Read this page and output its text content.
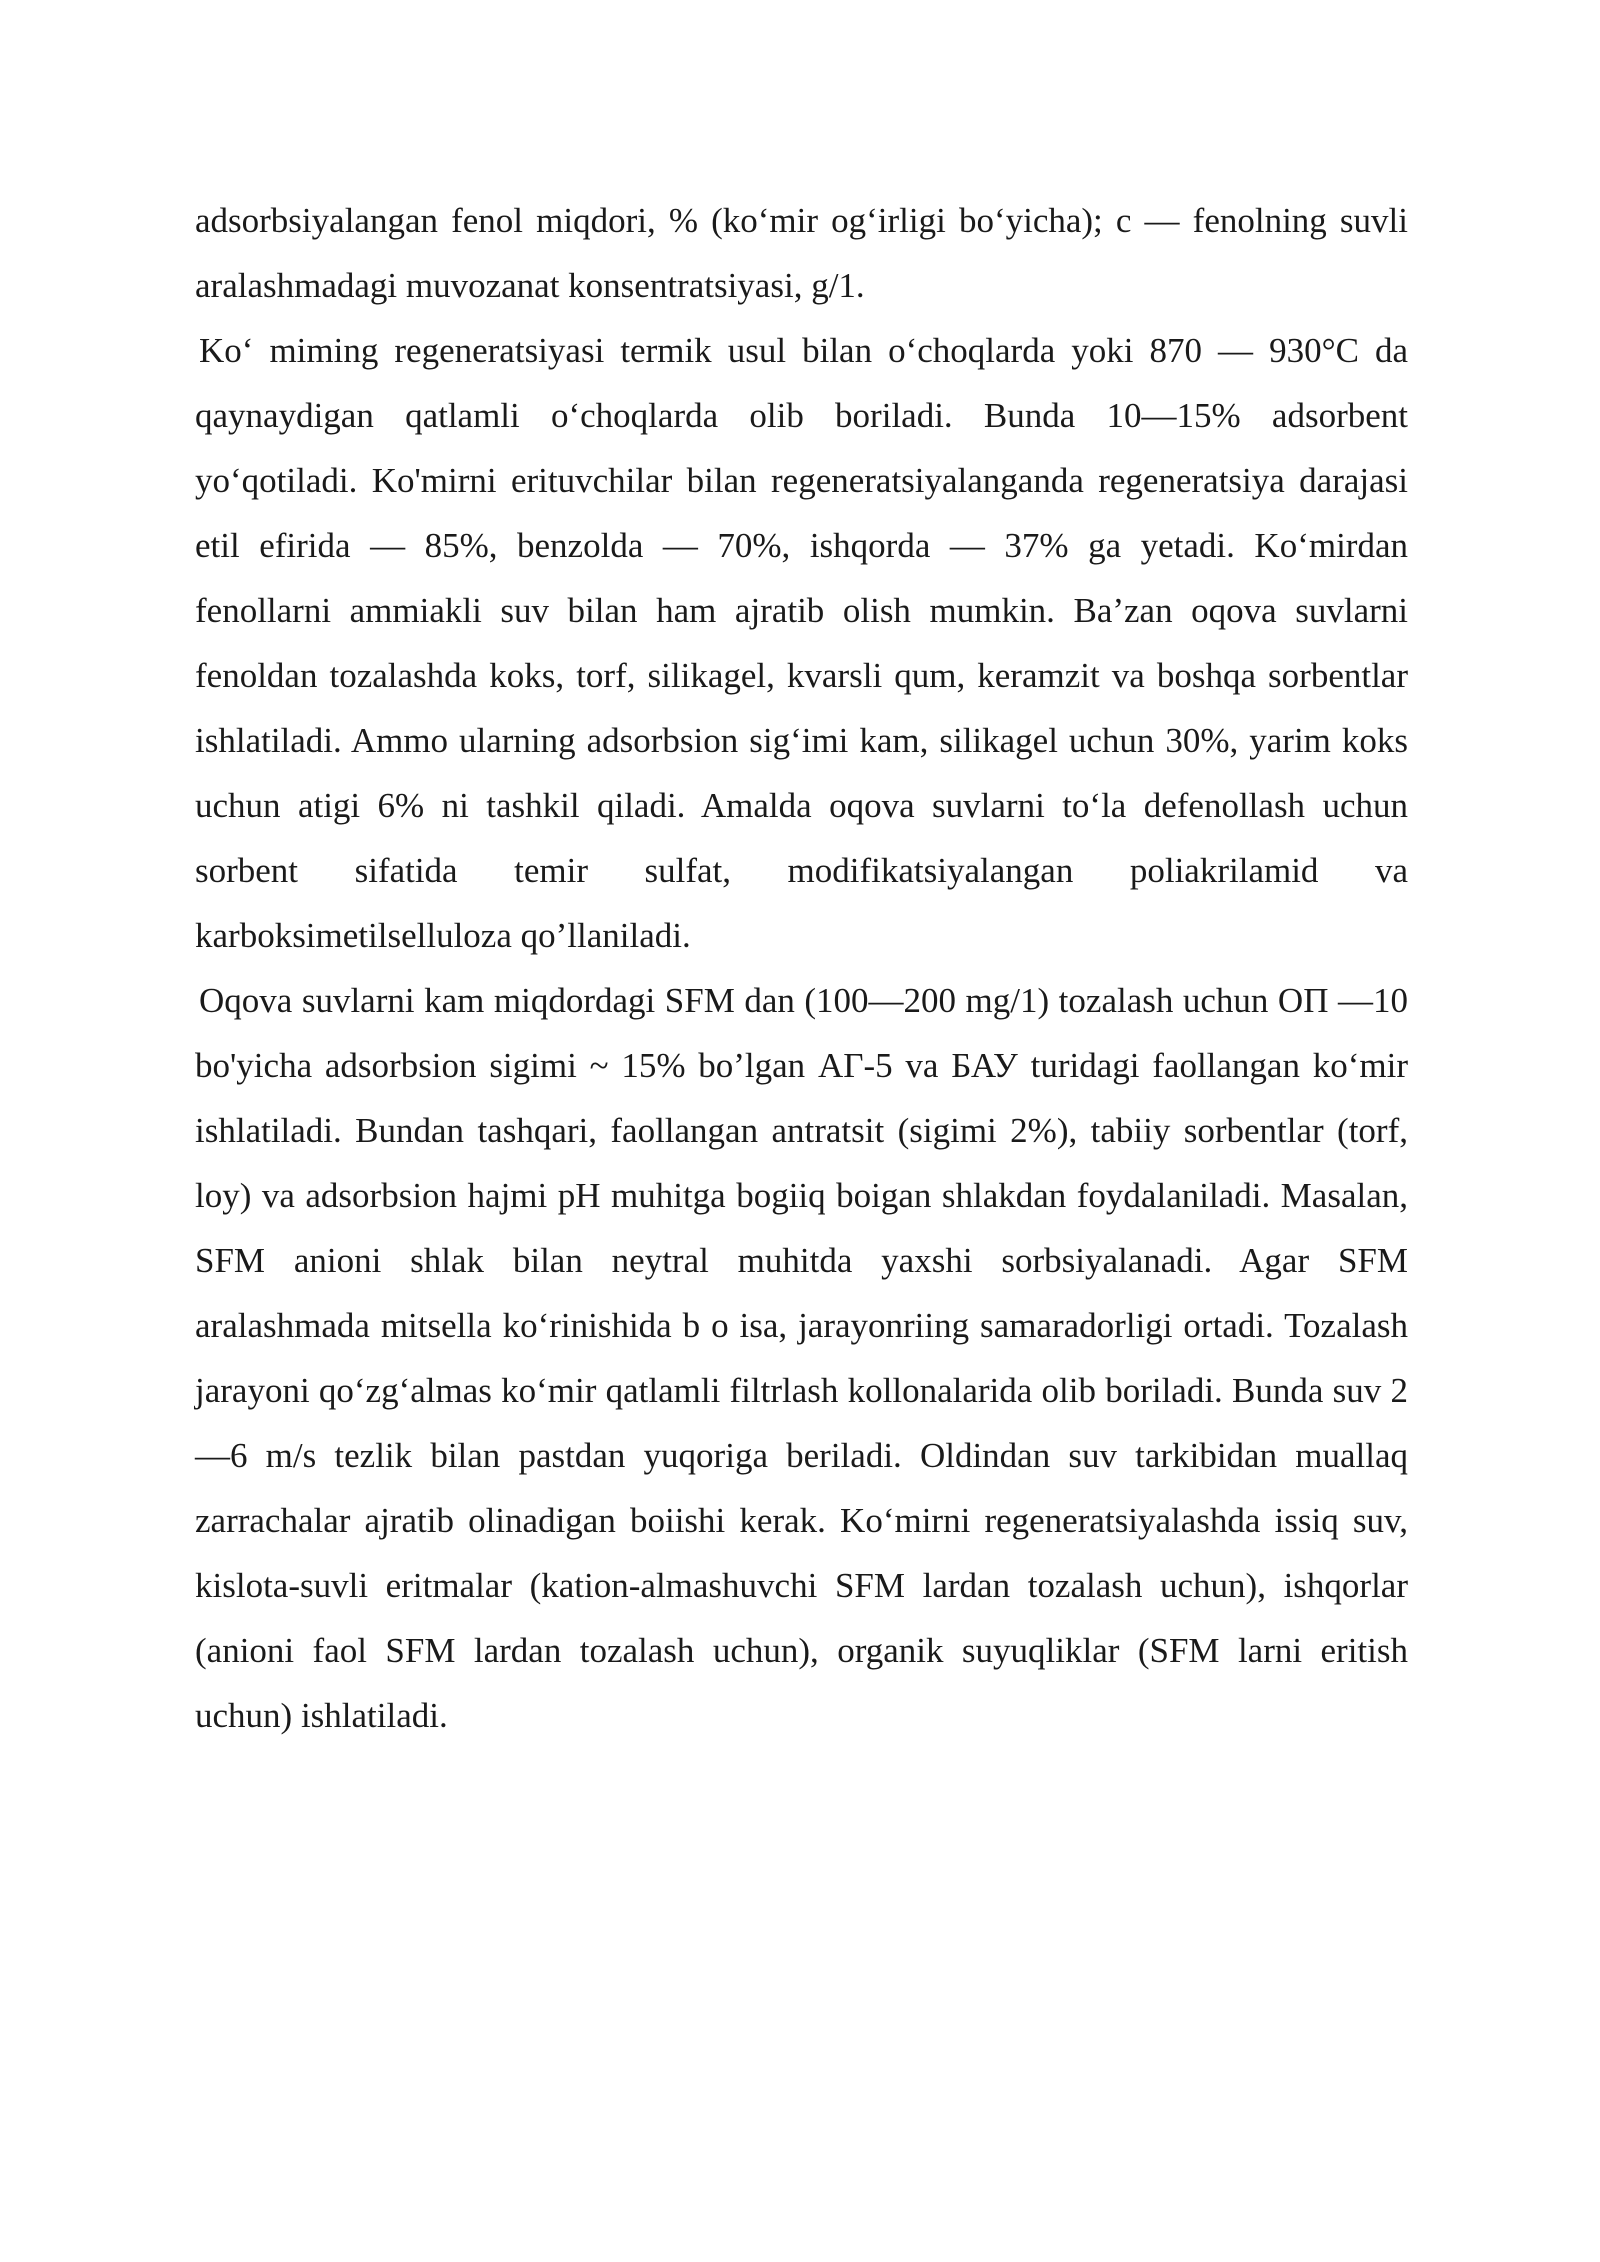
adsorbsiyalangan fenol miqdori, % (ko‘mir og‘irligi bo‘yicha); c — fenolning suvli aralashmadagi muvozanat konsentratsiyasi, g/1.

Ko‘ miming regeneratsiyasi termik usul bilan o‘choqlarda yoki 870 — 930°C da qaynaydigan qatlamli o‘choqlarda olib boriladi. Bunda 10—15% adsorbent yo‘qotiladi. Ko'mirni erituvchilar bilan regeneratsiyalanganda regeneratsiya darajasi etil efirida — 85%, benzolda — 70%, ishqorda — 37% ga yetadi. Ko‘mirdan fenollarni ammiakli suv bilan ham ajratib olish mumkin. Ba’zan oqova suvlarni fenoldan tozalashda koks, torf, silikagel, kvarsli qum, keramzit va boshqa sorbentlar ishlatiladi. Ammo ularning adsorbsion sig‘imi kam, silikagel uchun 30%, yarim koks uchun atigi 6% ni tashkil qiladi. Amalda oqova suvlarni to‘la defenollash uchun sorbent sifatida temir sulfat, modifikatsiyalangan poliakrilamid va karboksimetilselluloza qo’llaniladi.

Oqova suvlarni kam miqdordagi SFM dan (100—200 mg/1) tozalash uchun ОП —10 bo'yicha adsorbsion sigimi ~ 15% bo’lgan АГ-5 va БАУ turidagi faollangan ko‘mir ishlatiladi. Bundan tashqari, faollangan antratsit (sigimi 2%), tabiiy sorbentlar (torf, loy) va adsorbsion hajmi pH muhitga bogiiq boigan shlakdan foydalaniladi. Masalan, SFM anioni shlak bilan neytral muhitda yaxshi sorbsiyalanadi. Agar SFM aralashmada mitsella ko‘rinishida b o isa, jarayonriing samaradorligi ortadi. Tozalash jarayoni qo‘zg‘almas ko‘mir qatlamli filtrlash kollonalarida olib boriladi. Bunda suv 2—6 m/s tezlik bilan pastdan yuqoriga beriladi. Oldindan suv tarkibidan muallaq zarrachalar ajratib olinadigan boiishi kerak. Ko‘mirni regeneratsiyalashda issiq suv, kislota-suvli eritmalar (kation-almashuvchi SFM lardan tozalash uchun), ishqorlar (anioni faol SFM lardan tozalash uchun), organik suyuqliklar (SFM larni eritish uchun) ishlatiladi.
